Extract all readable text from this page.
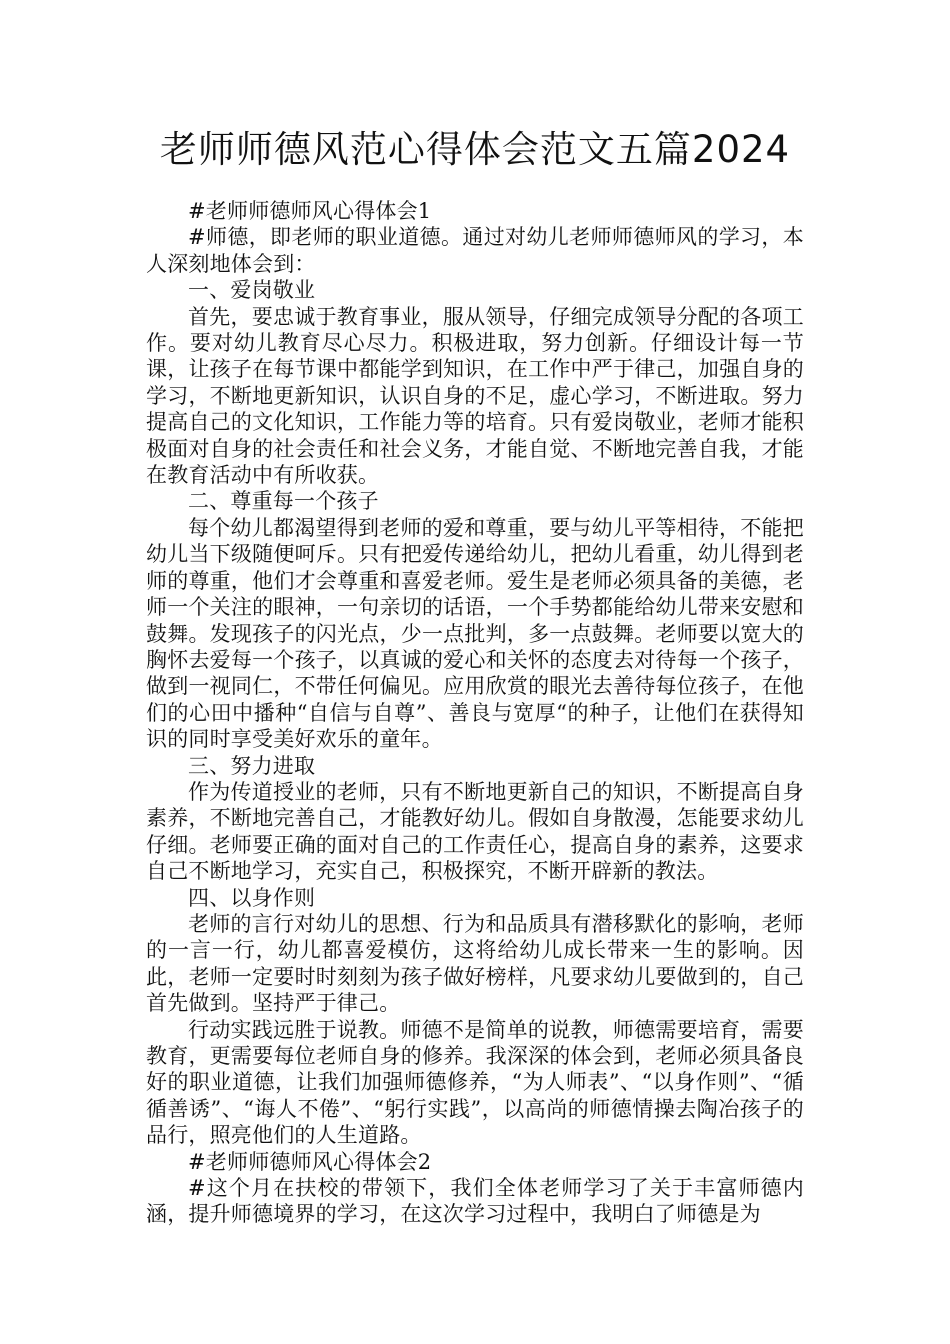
老师师德风范心得体会范文五篇2024

#老师师德师风心得体会1

#师德，即老师的职业道德。通过对幼儿老师师德师风的学习，本人深刻地体会到：

一、爱岗敬业

首先，要忠诚于教育事业，服从领导，仔细完成领导分配的各项工作。要对幼儿教育尽心尽力。积极进取，努力创新。仔细设计每一节课，让孩子在每节课中都能学到知识，在工作中严于律己，加强自身的学习，不断地更新知识，认识自身的不足，虚心学习，不断进取。努力提高自己的文化知识，工作能力等的培育。只有爱岗敬业，老师才能积极面对自身的社会责任和社会义务，才能自觉、不断地完善自我，才能在教育活动中有所收获。

二、尊重每一个孩子

每个幼儿都渴望得到老师的爱和尊重，要与幼儿平等相待，不能把幼儿当下级随便呵斥。只有把爱传递给幼儿，把幼儿看重，幼儿得到老师的尊重，他们才会尊重和喜爱老师。爱生是老师必须具备的美德，老师一个关注的眼神，一句亲切的话语，一个手势都能给幼儿带来安慰和鼓舞。发现孩子的闪光点，少一点批判，多一点鼓舞。老师要以宽大的胸怀去爱每一个孩子，以真诚的爱心和关怀的态度去对待每一个孩子，做到一视同仁，不带任何偏见。应用欣赏的眼光去善待每位孩子，在他们的心田中播种“自信与自尊”、善良与宽厚“的种子，让他们在获得知识的同时享受美好欢乐的童年。

三、努力进取

作为传道授业的老师，只有不断地更新自己的知识，不断提高自身素养，不断地完善自己，才能教好幼儿。假如自身散漫，怎能要求幼儿仔细。老师要正确的面对自己的工作责任心，提高自身的素养，这要求自己不断地学习，充实自己，积极探究，不断开辟新的教法。

四、以身作则

老师的言行对幼儿的思想、行为和品质具有潜移默化的影响，老师的一言一行，幼儿都喜爱模仿，这将给幼儿成长带来一生的影响。因此，老师一定要时时刻刻为孩子做好榜样，凡要求幼儿要做到的，自己首先做到。坚持严于律己。

行动实践远胜于说教。师德不是简单的说教，师德需要培育，需要教育，更需要每位老师自身的修养。我深深的体会到，老师必须具备良好的职业道德，让我们加强师德修养，“为人师表”、“以身作则”、“循循善诱”、“诲人不倦”、“躬行实践”，以高尚的师德情操去陶冶孩子的品行，照亮他们的人生道路。

#老师师德师风心得体会2

#这个月在扶校的带领下，我们全体老师学习了关于丰富师德内涵，提升师德境界的学习，在这次学习过程中，我明白了师德是为
